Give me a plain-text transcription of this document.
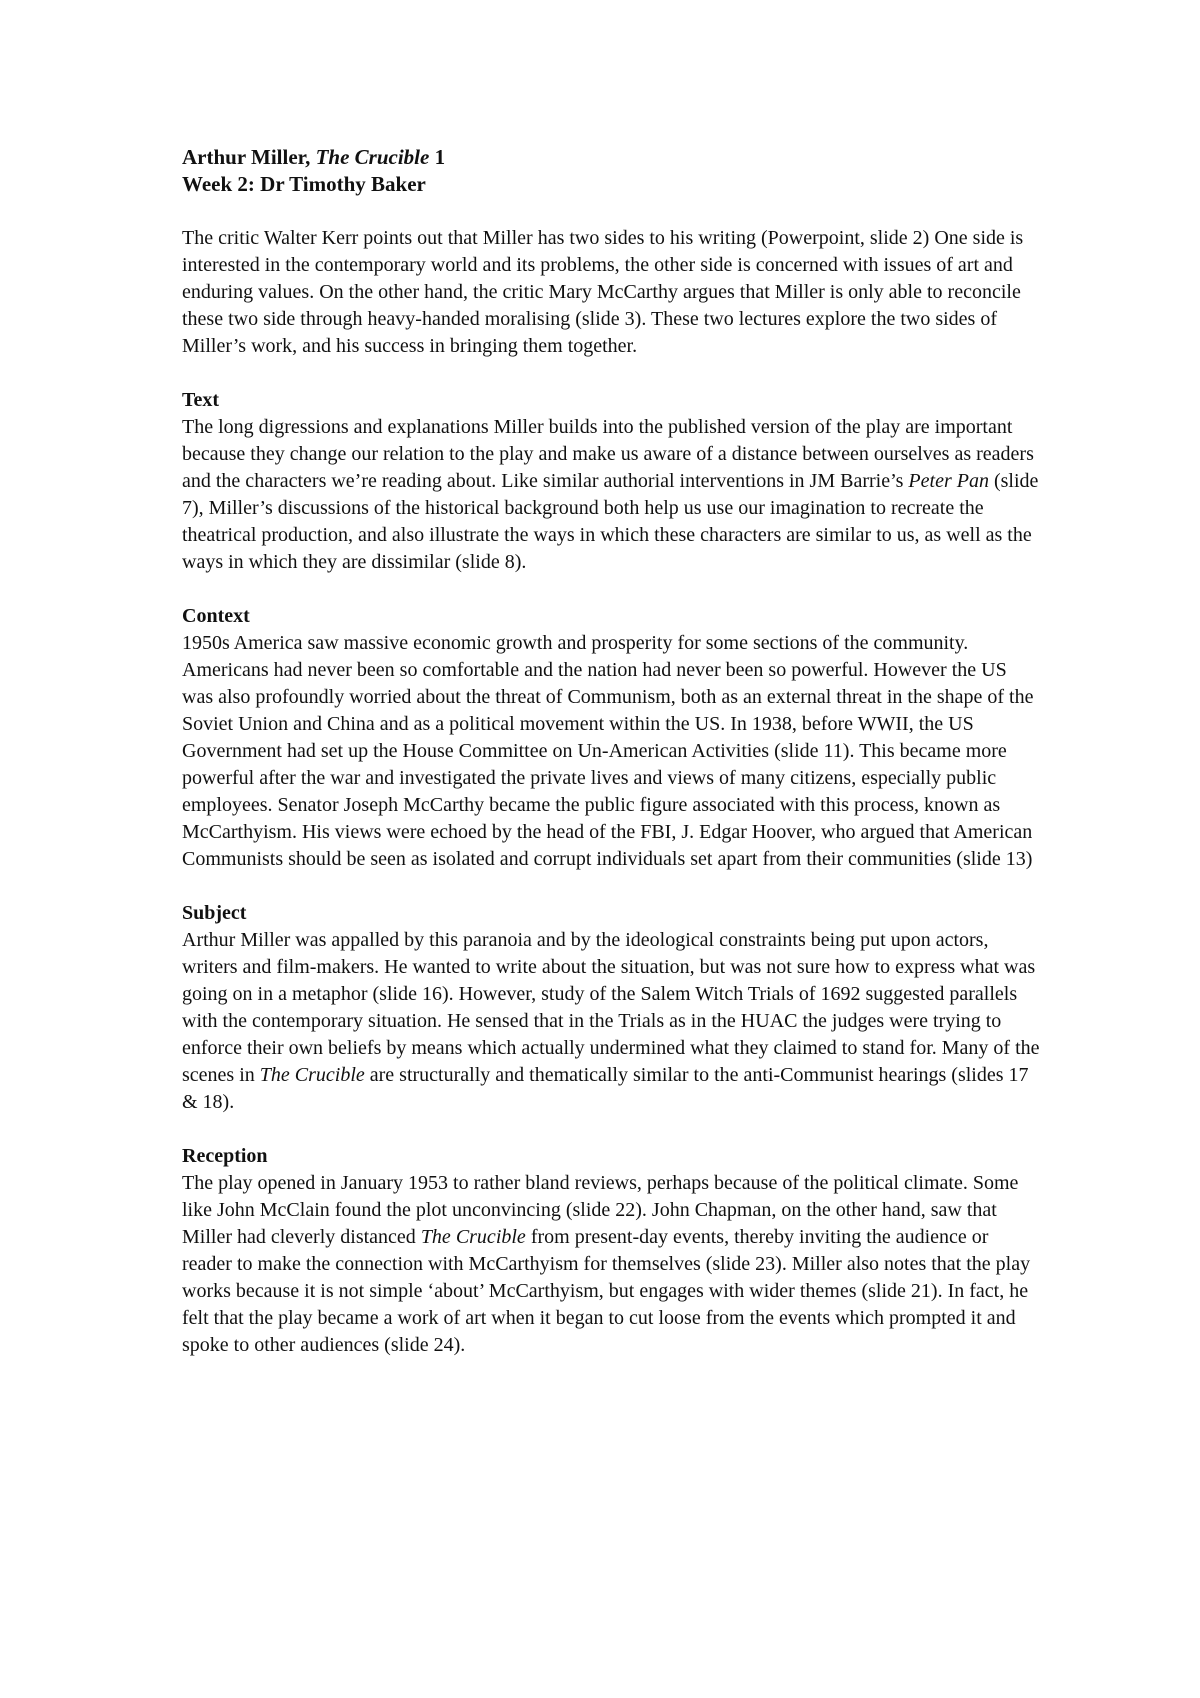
Arthur Miller, The Crucible 1

Week 2: Dr Timothy Baker

The critic Walter Kerr points out that Miller has two sides to his writing (Powerpoint, slide 2) One side is interested in the contemporary world and its problems, the other side is concerned with issues of art and enduring values. On the other hand, the critic Mary McCarthy argues that Miller is only able to reconcile these two side through heavy-handed moralising (slide 3). These two lectures explore the two sides of Miller’s work, and his success in bringing them together.

Text

The long digressions and explanations Miller builds into the published version of the play are important because they change our relation to the play and make us aware of a distance between ourselves as readers and the characters we’re reading about. Like similar authorial interventions in JM Barrie’s Peter Pan (slide 7), Miller’s discussions of the historical background both help us use our imagination to recreate the theatrical production, and also illustrate the ways in which these characters are similar to us, as well as the ways in which they are dissimilar (slide 8).

Context

1950s America saw massive economic growth and prosperity for some sections of the community. Americans had never been so comfortable and the nation had never been so powerful. However the US was also profoundly worried about the threat of Communism, both as an external threat in the shape of the Soviet Union and China and as a political movement within the US. In 1938, before WWII, the US Government had set up the House Committee on Un-American Activities (slide 11). This became more powerful after the war and investigated the private lives and views of many citizens, especially public employees. Senator Joseph McCarthy became the public figure associated with this process, known as McCarthyism. His views were echoed by the head of the FBI, J. Edgar Hoover, who argued that American Communists should be seen as isolated and corrupt individuals set apart from their communities (slide 13)

Subject

Arthur Miller was appalled by this paranoia and by the ideological constraints being put upon actors, writers and film-makers. He wanted to write about the situation, but was not sure how to express what was going on in a metaphor (slide 16). However, study of the Salem Witch Trials of 1692 suggested parallels with the contemporary situation. He sensed that in the Trials as in the HUAC the judges were trying to enforce their own beliefs by means which actually undermined what they claimed to stand for. Many of the scenes in The Crucible are structurally and thematically similar to the anti-Communist hearings (slides 17 & 18).

Reception

The play opened in January 1953 to rather bland reviews, perhaps because of the political climate. Some like John McClain found the plot unconvincing (slide 22). John Chapman, on the other hand, saw that Miller had cleverly distanced The Crucible from present-day events, thereby inviting the audience or reader to make the connection with McCarthyism for themselves (slide 23). Miller also notes that the play works because it is not simple ‘about’ McCarthyism, but engages with wider themes (slide 21). In fact, he felt that the play became a work of art when it began to cut loose from the events which prompted it and spoke to other audiences (slide 24).
